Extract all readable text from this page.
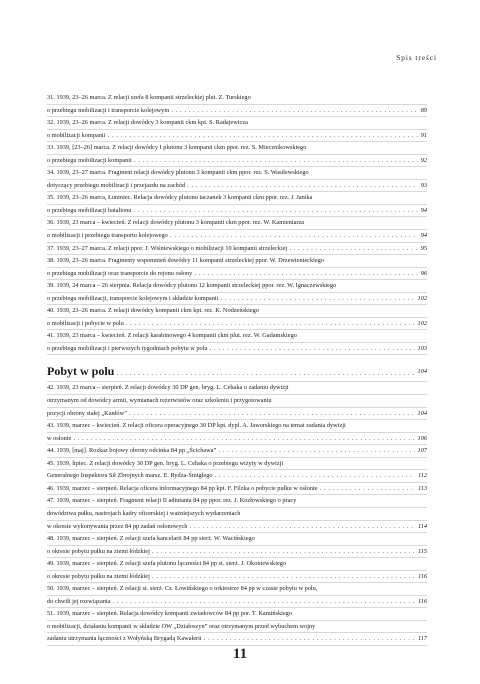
Spis treści
31. 1939, 23–26 marca. Z relacji szefa 8 kompanii strzeleckiej plut. Z. Turskiego
o przebiegu mobilizacji i transporcie kolejowym . . .	89
32. 1939, 23–26 marca. Z relacji dowódcy 3 kompanii ckm kpt. S. Radajewicza
o mobilizacji kompanii . . .	91
33. 1939, [23–26] marca. Z relacji dowódcy I plutonu 3 kompanii ckm ppor. rez. S. Miecznikowskiego
o przebiegu mobilizacji kompanii . . .	92
34. 1939, 23–27 marca. Fragment relacji dowódcy plutonu 3 kompanii ckm ppor. rez. S. Wasilewskiego
dotyczący przebiegu mobilizacji i przejazdu na zachód . . .	93
35. 1939, 23–26 marca, Łuniniec. Relacja dowódcy plutonu taczanek 3 kompanii ckm ppor. rez. J. Janika
o przebiegu mobilizacji batalionu . . .	94
36. 1939, 23 marca – kwiecień. Z relacji dowódcy plutonu 3 kompanii ckm ppor. rez. W. Kamieniarza
o mobilizacji i przebiegu transportu kolejowego . . .	94
37. 1939, 23–27 marca. Z relacji ppor. J. Wiśniewskiego o mobilizacji 10 kompanii strzeleckiej . . .	95
38. 1939, 23–26 marca. Fragmenty wspomnień dowódcy 11 kompanii strzeleckiej ppor. W. Drzewienieckiego
o przebiegu mobilizacji oraz transporcie do rejonu osłony . . .	96
39. 1939, 24 marca – 26 sierpnia. Relacja dowódcy plutonu 12 kompanii strzeleckiej ppor. rez. W. Ignaczewskiego
o przebiegu mobilizacji, transporcie kolejowym i składzie kompanii . . .	102
40. 1939, 23–26 marca. Z relacji dowódcy kompanii ckm kpt. rez. K. Nodzeńskiego
o mobilizacji i pobycie w polu . . .	102
41. 1939, 23 marca – kwiecień. Z relacji karabinowego 4 kompanii ckm plut. rez. W. Gadamskiego
o przebiegu mobilizacji i pierwszych tygodniach pobytu w polu . . .	103
Pobyt w polu . . .	104
42. 1939, 23 marca – sierpień. Z relacji dowódcy 30 DP gen. bryg. L. Cehaka o zadaniu dywizji
otrzymanym od dowódcy armii, wymianach rezerwistów oraz szkoleniu i przygotowaniu
pozycji obrony stałej „Kanłów” . . .	104
43. 1939, marzec – kwiecień. Z relacji oficera operacyjnego 30 DP kpt. dypl. A. Jaworskiego na temat zadania dywizji
w osłonie . . .	106
44. 1939, [maj]. Rozkaz bojowy obrony odcinka 84 pp „Ścichawa” . . .	107
45. 1939, lipiec. Z relacji dowódcy 30 DP gen. bryg. L. Cehaka o przebiegu wizyty w dywizji
Generalnego Inspektora Sił Zbrojnych marsz. E. Rydza-Śmigłego . . .	112
46. 1939, marzec – sierpień. Relacja oficera informacyjnego 84 pp kpt. F. Filzka o pobycie pułku w osłonie . . .	113
47. 1939, marzec – sierpień. Fragment relacji II adiutanta 84 pp ppor. rez. J. Kozłowskiego o pracy
dowództwa pułku, nastrojach kadry oficerskiej i ważniejszych wydarzeniach
w okresie wykonywania przez 84 pp zadań osłonowych . . .	114
48. 1939, marzec – sierpień. Z relacji szefa kancelarii 84 pp sierż. W. Wacińskiego
o okresie pobytu pułku na ziemi łódzkiej . . .	115
49. 1939, marzec – sierpień. Z relacji szefa plutonu łączności 84 pp st. sierż. J. Okoniewskiego
o okresie pobytu pułku na ziemi łódzkiej . . .	116
50. 1939, marzec – sierpień. Z relacji st. sierż. Cz. Łowińskiego o orkiestrze 84 pp w czasie pobytu w polu,
do chwili jej rozwiązania . . .	116
51. 1939, marzec – sierpień. Relacja dowódcy kompanii zwiadowców 84 pp por. T. Kamińskiego
o mobilizacji, działaniu kompanii w składzie OW „Działoszyn” oraz otrzymanym przed wybuchem wojny
zadaniu utrzymania łączności z Wołyńską Brygadą Kawalerii . . .	117
11
